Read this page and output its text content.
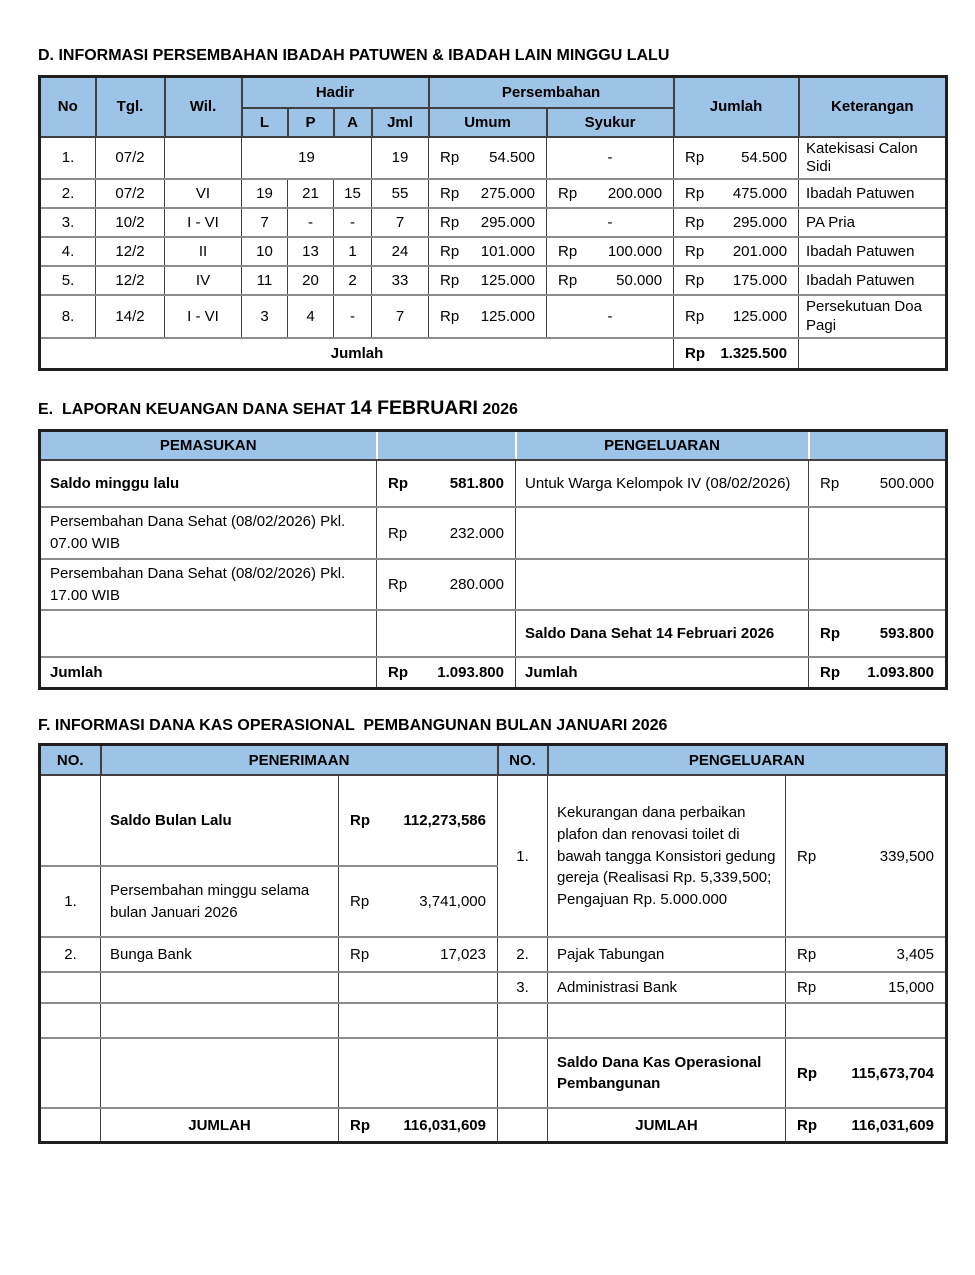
D. INFORMASI PERSEMBAHAN IBADAH PATUWEN & IBADAH LAIN MINGGU LALU
No	Tgl.	Wil.	Hadir				Persembahan		Jumlah	Keterangan
			L	P	A	Jml	Umum	Syukur		
1.	07/2		19			19	Rp 54.500	-	Rp 54.500	Katekisasi Calon Sidi
2.	07/2	VI	19	21	15	55	Rp 275.000	Rp 200.000	Rp 475.000	Ibadah Patuwen
3.	10/2	I - VI	7	-	-	7	Rp 295.000	-	Rp 295.000	PA Pria
4.	12/2	II	10	13	1	24	Rp 101.000	Rp 100.000	Rp 201.000	Ibadah Patuwen
5.	12/2	IV	11	20	2	33	Rp 125.000	Rp 50.000	Rp 175.000	Ibadah Patuwen
8.	14/2	I - VI	3	4	-	7	Rp 125.000	-	Rp 125.000	Persekutuan Doa Pagi
Jumlah									Rp 1.325.500	

E.  LAPORAN KEUANGAN DANA SEHAT 14 FEBRUARI 2026
PEMASUKAN		PENGELUARAN	
Saldo minggu lalu	Rp 581.800	Untuk Warga Kelompok IV (08/02/2026)	Rp 500.000

Persembahan Dana Sehat (08/02/2026) Pkl. 07.00 WIB	Rp 232.000		

Persembahan Dana Sehat (08/02/2026) Pkl. 17.00 WIB	Rp 280.000		

	Saldo Dana Sehat 14 Februari 2026	Rp 593.800

Jumlah	Rp 1.093.800	Jumlah	Rp 1.093.800
F. INFORMASI DANA KAS OPERASIONAL  PEMBANGUNAN BULAN JANUARI 2026
NO.	PENERIMAAN		NO.	PENGELUARAN	
	Saldo Bulan Lalu	Rp 112,273,586	1.	Kekurangan dana perbaikan plafon dan renovasi toilet di bawah tangga Konsistori gedung gereja (Realisasi Rp. 5,339,500; Pengajuan Rp. 5.000.000	Rp 339,500

1.	Persembahan minggu selama bulan Januari 2026	Rp 3,741,000			

2.	Bunga Bank	Rp 17,023	2.	Pajak Tabungan	Rp 3,405

	3.	Administrasi Bank	Rp 15,000

		Saldo Dana Kas Operasional Pembangunan	Rp 115,673,704

	JUMLAH	Rp 116,031,609		JUMLAH	Rp 116,031,609
